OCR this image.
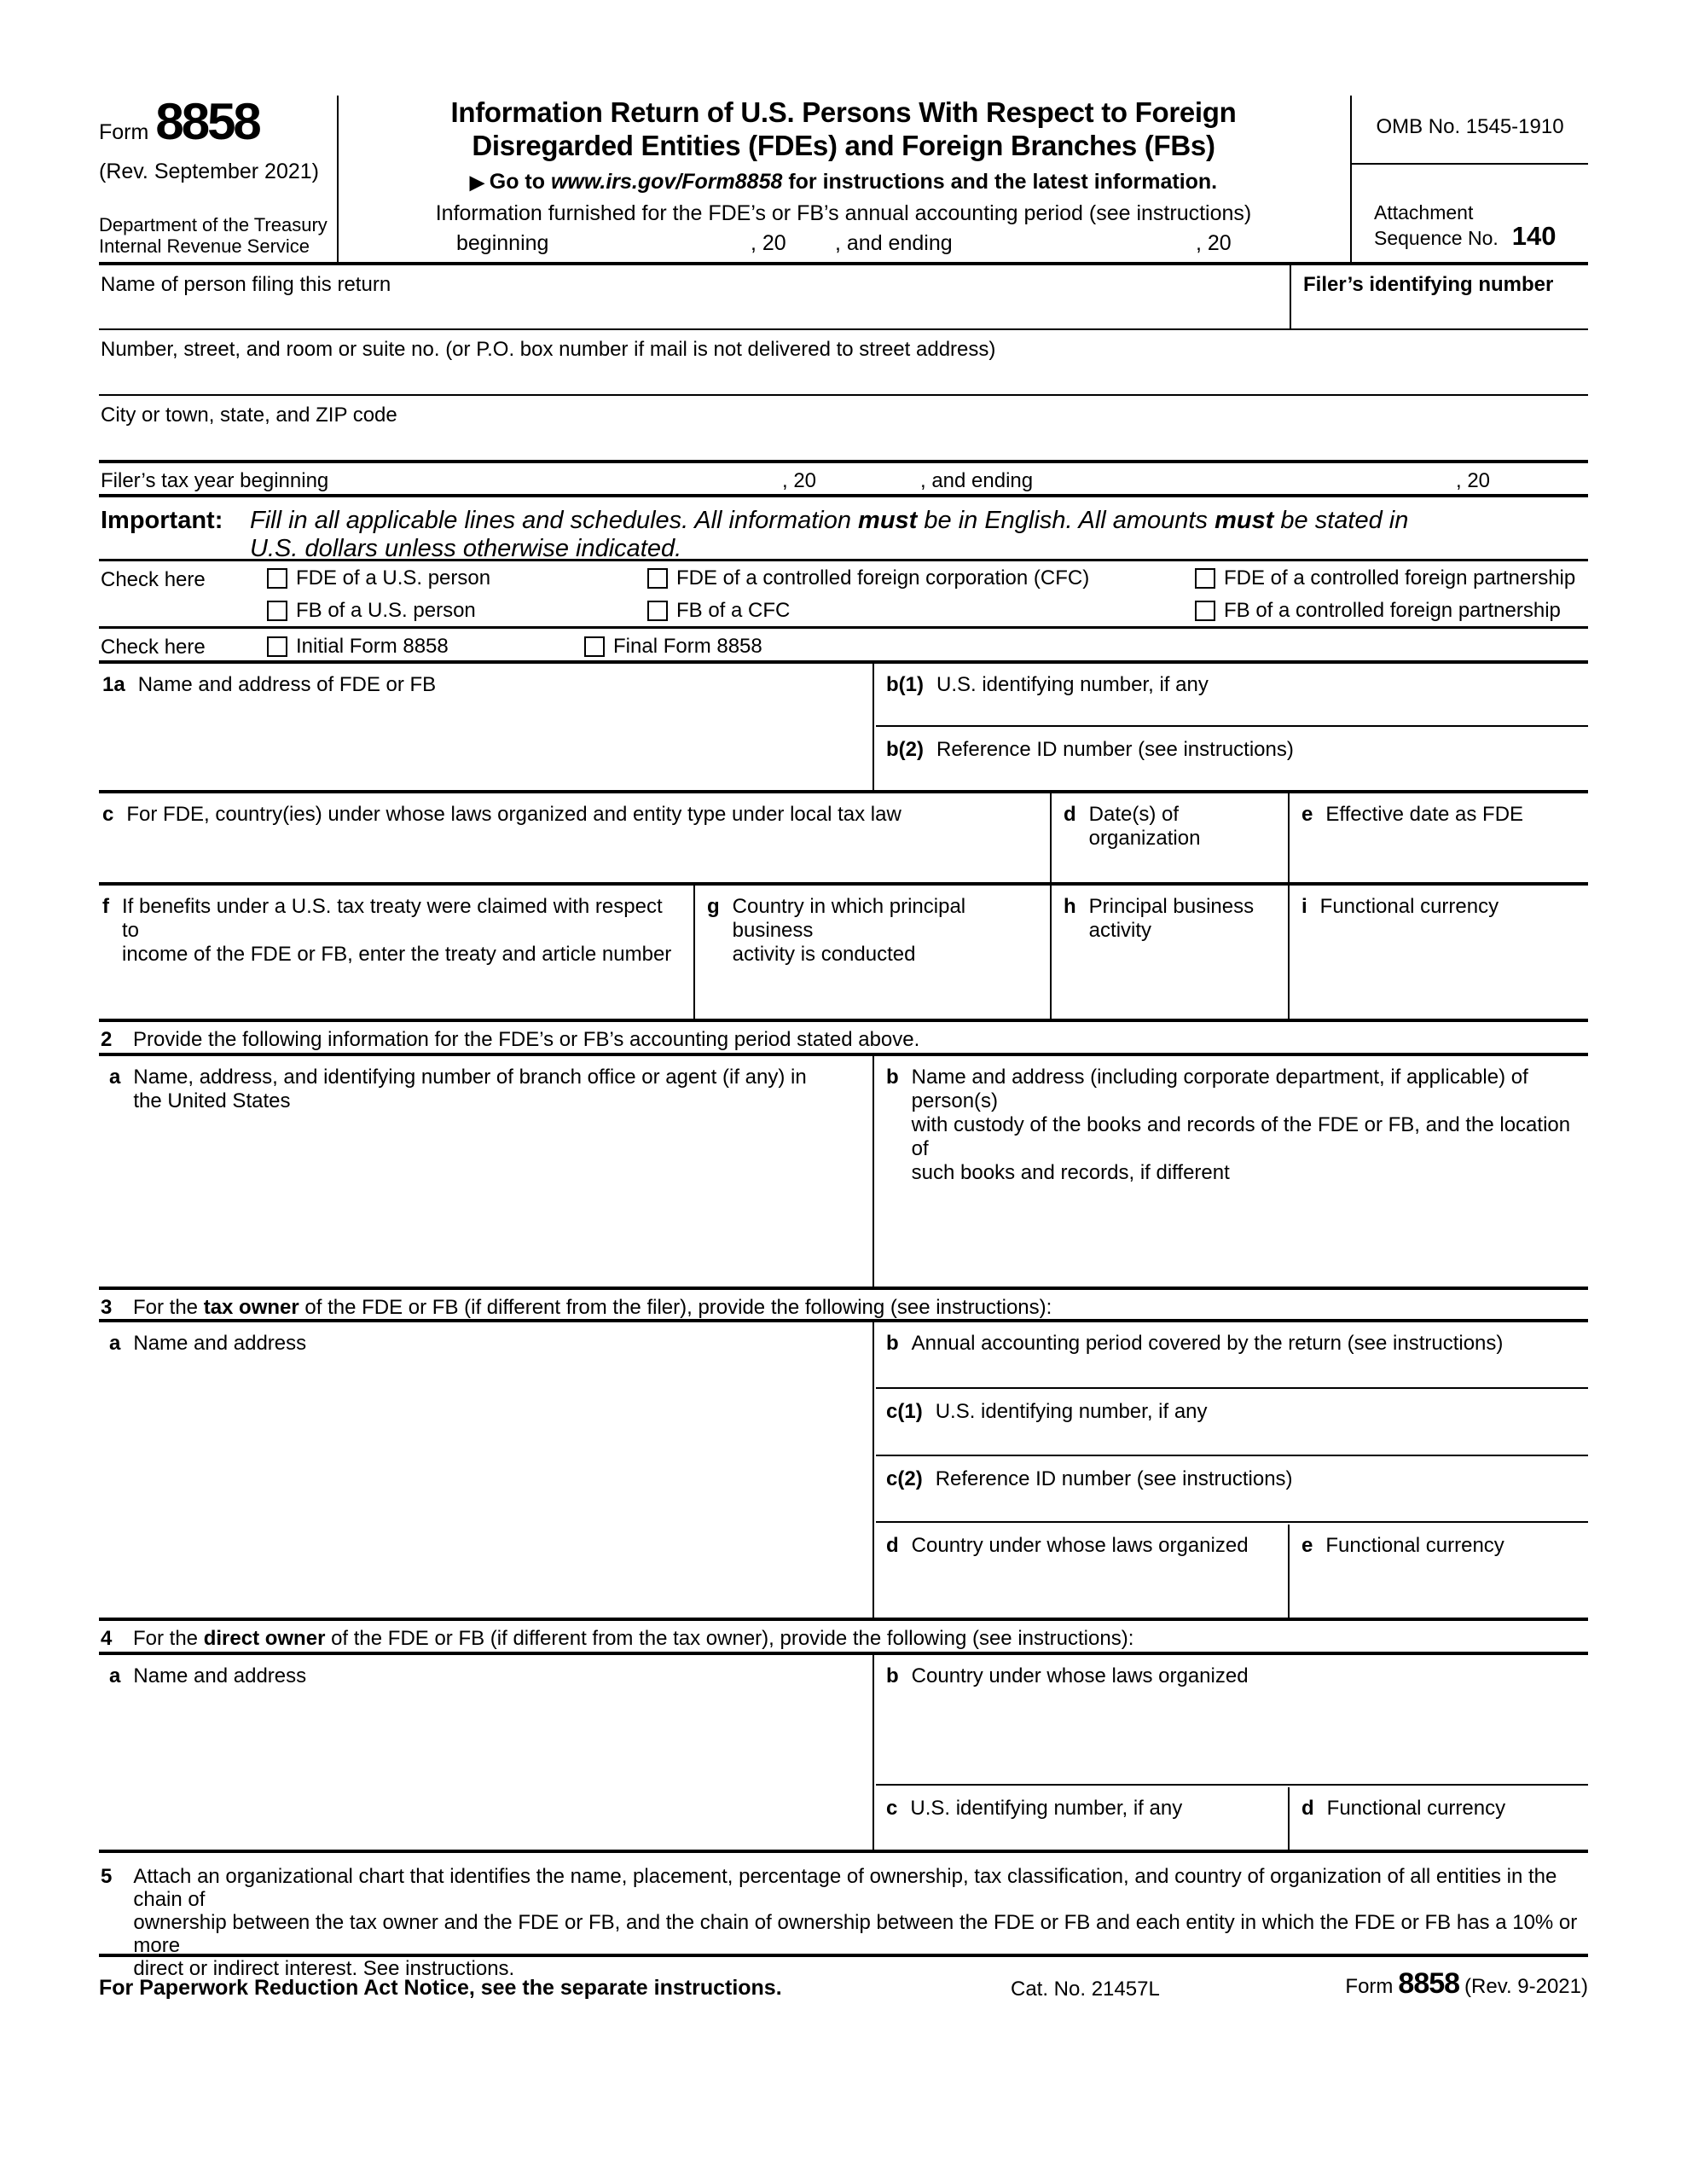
Form 8858
(Rev. September 2021)
Department of the Treasury
Internal Revenue Service
Information Return of U.S. Persons With Respect to Foreign
Disregarded Entities (FDEs) and Foreign Branches (FBs)
▶ Go to www.irs.gov/Form8858 for instructions and the latest information.
Information furnished for the FDE’s or FB’s annual accounting period (see instructions)
beginning	, 20 , and ending	, 20
OMB No. 1545-1910
Attachment
Sequence No. 140
Name of person filing this return	Filer’s identifying number
Number, street, and room or suite no. (or P.O. box number if mail is not delivered to street address)
City or town, state, and ZIP code
Filer’s tax year beginning	, 20	, and ending	, 20
Important: Fill in all applicable lines and schedules. All information must be in English. All amounts must be stated in
U.S. dollars unless otherwise indicated.
Check here	FDE of a U.S. person	FDE of a controlled foreign corporation (CFC)	FDE of a controlled foreign partnership
FB of a U.S. person	FB of a CFC	FB of a controlled foreign partnership
Check here	Initial Form 8858	Final Form 8858
1a Name and address of FDE or FB	b(1) U.S. identifying number, if any
b(2) Reference ID number (see instructions)
c For FDE, country(ies) under whose laws organized and entity type under local tax law	d Date(s) of organization
e Effective date as FDE
f If benefits under a U.S. tax treaty were claimed with respect to
income of the FDE or FB, enter the treaty and article number
g Country in which principal business
activity is conducted
h Principal business
activity
i Functional currency
2 Provide the following information for the FDE’s or FB’s accounting period stated above.
a Name, address, and identifying number of branch office or agent (if any) in
the United States
b Name and address (including corporate department, if applicable) of person(s)
with custody of the books and records of the FDE or FB, and the location of
such books and records, if different
3 For the tax owner of the FDE or FB (if different from the filer), provide the following (see instructions):
a Name and address	b Annual accounting period covered by the return (see instructions)
c(1) U.S. identifying number, if any
c(2) Reference ID number (see instructions)
d Country under whose laws organized	e Functional currency
4 For the direct owner of the FDE or FB (if different from the tax owner), provide the following (see instructions):
a Name and address	b Country under whose laws organized
c U.S. identifying number, if any	d Functional currency
5 Attach an organizational chart that identifies the name, placement, percentage of ownership, tax classification, and country of organization of all entities in the chain of
ownership between the tax owner and the FDE or FB, and the chain of ownership between the FDE or FB and each entity in which the FDE or FB has a 10% or more
direct or indirect interest. See instructions.
For Paperwork Reduction Act Notice, see the separate instructions.	Cat. No. 21457L	Form 8858 (Rev. 9-2021)
